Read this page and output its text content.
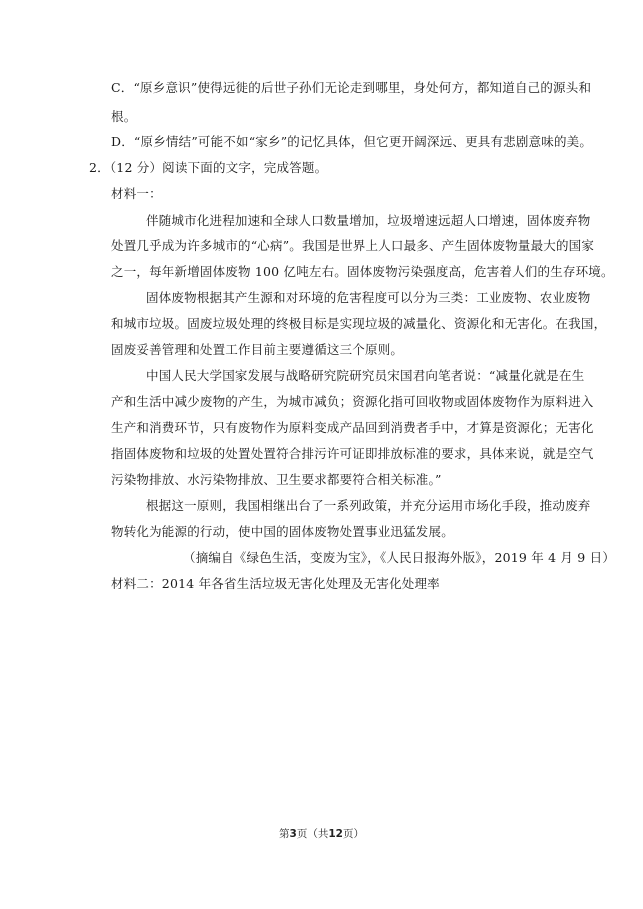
C．“原乡意识”使得远徙的后世子孙们无论走到哪里，身处何方，都知道自己的源头和
根。
D．“原乡情结”可能不如“家乡”的记忆具体，但它更开阔深远、更具有悲剧意味的美。
2．（12 分）阅读下面的文字，完成答题。
材料一：
伴随城市化进程加速和全球人口数量增加，垃圾增速远超人口增速，固体废弃物
处置几乎成为许多城市的“心病”。我国是世界上人口最多、产生固体废物量最大的国家
之一，每年新增固体废物 100 亿吨左右。固体废物污染强度高，危害着人们的生存环境。
固体废物根据其产生源和对环境的危害程度可以分为三类：工业废物、农业废物
和城市垃圾。固废垃圾处理的终极目标是实现垃圾的减量化、资源化和无害化。在我国，
固废妥善管理和处置工作目前主要遵循这三个原则。
中国人民大学国家发展与战略研究院研究员宋国君向笔者说：“减量化就是在生
产和生活中减少废物的产生，为城市减负；资源化指可回收物或固体废物作为原料进入
生产和消费环节，只有废物作为原料变成产品回到消费者手中，才算是资源化；无害化
指固体废物和垃圾的处置处置符合排污许可证即排放标准的要求，具体来说，就是空气
污染物排放、水污染物排放、卫生要求都要符合相关标准。”
根据这一原则，我国相继出台了一系列政策，并充分运用市场化手段，推动废弃
物转化为能源的行动，使中国的固体废物处置事业迅猛发展。
（摘编自《绿色生活，变废为宝》，《人民日报海外版》，2019 年 4 月 9 日）
材料二：2014 年各省生活垃圾无害化处理及无害化处理率
第3页（共12页）
